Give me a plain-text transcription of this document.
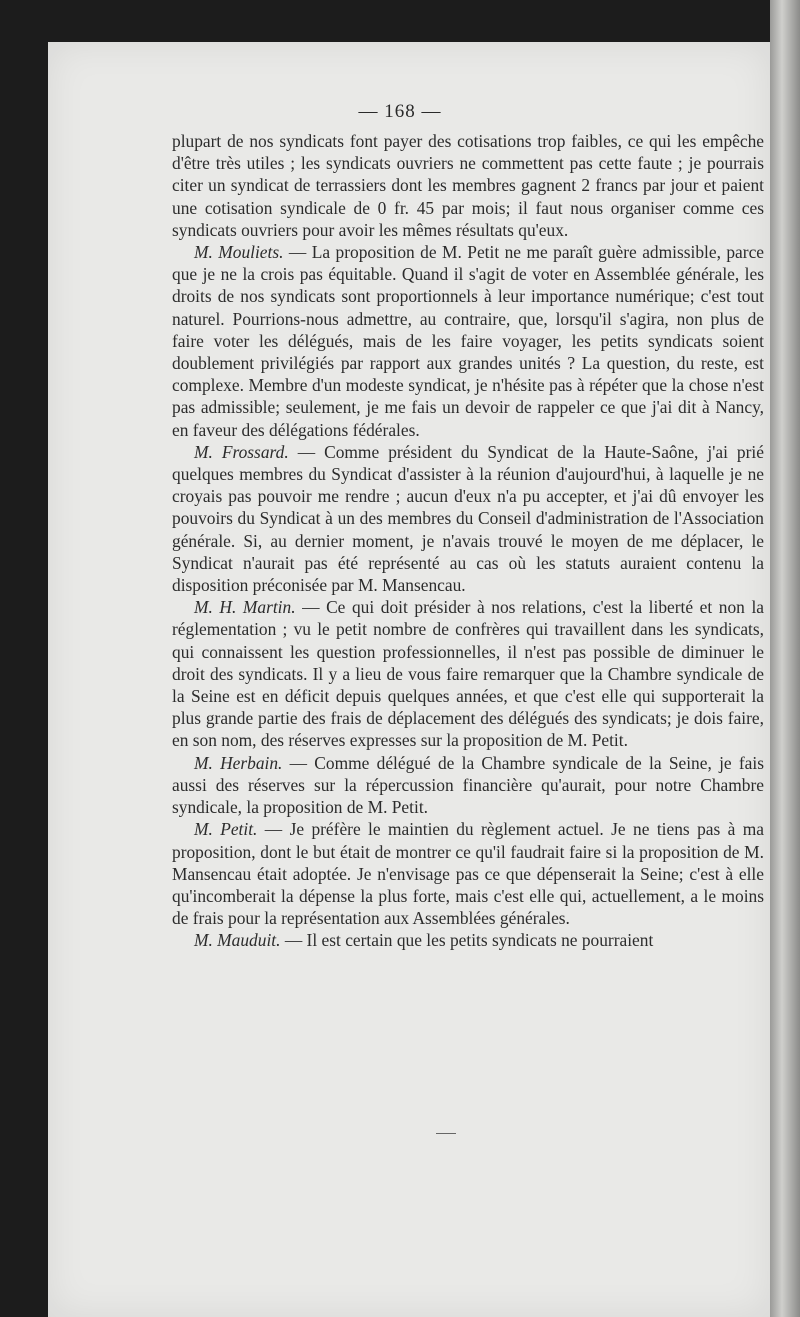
— 168 —

plupart de nos syndicats font payer des cotisations trop faibles, ce qui les empêche d'être très utiles ; les syndicats ouvriers ne commettent pas cette faute ; je pourrais citer un syndicat de terrassiers dont les membres gagnent 2 francs par jour et paient une cotisation syndicale de 0 fr. 45 par mois; il faut nous organiser comme ces syndicats ouvriers pour avoir les mêmes résultats qu'eux.

M. Mouliets. — La proposition de M. Petit ne me paraît guère admissible, parce que je ne la crois pas équitable. Quand il s'agit de voter en Assemblée générale, les droits de nos syndicats sont proportionnels à leur importance numérique; c'est tout naturel. Pourrions-nous admettre, au contraire, que, lorsqu'il s'agira, non plus de faire voter les délégués, mais de les faire voyager, les petits syndicats soient doublement privilégiés par rapport aux grandes unités ? La question, du reste, est complexe. Membre d'un modeste syndicat, je n'hésite pas à répéter que la chose n'est pas admissible; seulement, je me fais un devoir de rappeler ce que j'ai dit à Nancy, en faveur des délégations fédérales.

M. Frossard. — Comme président du Syndicat de la Haute-Saône, j'ai prié quelques membres du Syndicat d'assister à la réunion d'aujourd'hui, à laquelle je ne croyais pas pouvoir me rendre ; aucun d'eux n'a pu accepter, et j'ai dû envoyer les pouvoirs du Syndicat à un des membres du Conseil d'administration de l'Association générale. Si, au dernier moment, je n'avais trouvé le moyen de me déplacer, le Syndicat n'aurait pas été représenté au cas où les statuts auraient contenu la disposition préconisée par M. Mansencau.

M. H. Martin. — Ce qui doit présider à nos relations, c'est la liberté et non la réglementation ; vu le petit nombre de confrères qui travaillent dans les syndicats, qui connaissent les question professionnelles, il n'est pas possible de diminuer le droit des syndicats. Il y a lieu de vous faire remarquer que la Chambre syndicale de la Seine est en déficit depuis quelques années, et que c'est elle qui supporterait la plus grande partie des frais de déplacement des délégués des syndicats; je dois faire, en son nom, des réserves expresses sur la proposition de M. Petit.

M. Herbain. — Comme délégué de la Chambre syndicale de la Seine, je fais aussi des réserves sur la répercussion financière qu'aurait, pour notre Chambre syndicale, la proposition de M. Petit.

M. Petit. — Je préfère le maintien du règlement actuel. Je ne tiens pas à ma proposition, dont le but était de montrer ce qu'il faudrait faire si la proposition de M. Mansencau était adoptée. Je n'envisage pas ce que dépenserait la Seine; c'est à elle qu'incomberait la dépense la plus forte, mais c'est elle qui, actuellement, a le moins de frais pour la représentation aux Assemblées générales.

M. Mauduit. — Il est certain que les petits syndicats ne pourraient
